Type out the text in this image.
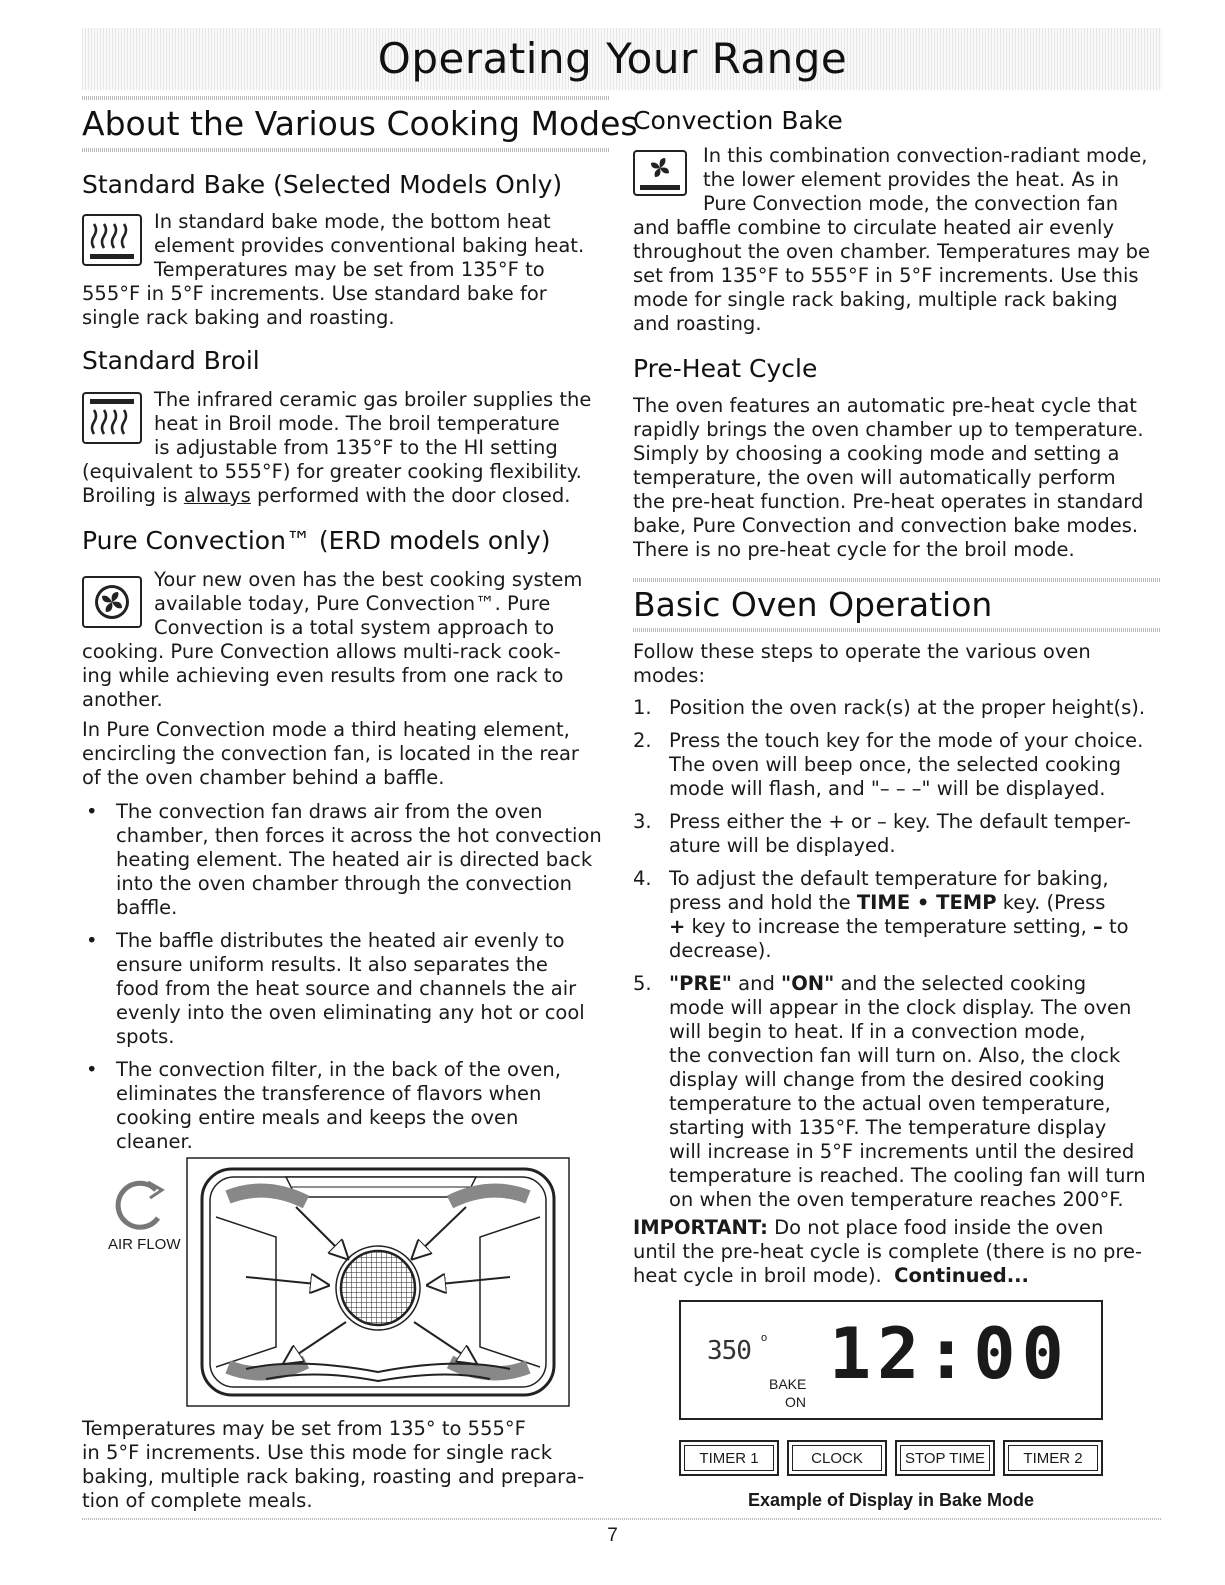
Operating Your Range
About the Various Cooking Modes
Standard Bake (Selected Models Only)

In standard bake mode, the bottom heat

element provides conventional baking heat.

Temperatures may be set from 135°F to

555°F in 5°F increments. Use standard bake for

single rack baking and roasting.

Standard Broil

The infrared ceramic gas broiler supplies the

heat in Broil mode. The broil temperature

is adjustable from 135°F to the HI setting

(equivalent to 555°F) for greater cooking flexibility.

Broiling is always performed with the door closed.

Pure Convection™ (ERD models only)

Your new oven has the best cooking system

available today, Pure Convection™. Pure

Convection is a total system approach to

cooking. Pure Convection allows multi-rack cook-

ing while achieving even results from one rack to

another.

In Pure Convection mode a third heating element,

encircling the convection fan, is located in the rear

of the oven chamber behind a baffle.

• The convection fan draws air from the oven
chamber, then forces it across the hot convection
heating element. The heated air is directed back
into the oven chamber through the convection
baffle.
• The baffle distributes the heated air evenly to
ensure uniform results. It also separates the
food from the heat source and channels the air
evenly into the oven eliminating any hot or cool
spots.
• The convection filter, in the back of the oven,
eliminates the transference of flavors when
cooking entire meals and keeps the oven
cleaner.
AIR FLOW

Temperatures may be set from 135° to 555°F

in 5°F increments. Use this mode for single rack

baking, multiple rack baking, roasting and prepara-

tion of complete meals.

Convection Bake

In this combination convection-radiant mode,

the lower element provides the heat. As in

Pure Convection mode, the convection fan

and baffle combine to circulate heated air evenly

throughout the oven chamber. Temperatures may be

set from 135°F to 555°F in 5°F increments. Use this

mode for single rack baking, multiple rack baking

and roasting.

Pre-Heat Cycle

The oven features an automatic pre-heat cycle that

rapidly brings the oven chamber up to temperature.

Simply by choosing a cooking mode and setting a

temperature, the oven will automatically perform

the pre-heat function. Pre-heat operates in standard

bake, Pure Convection and convection bake modes.

There is no pre-heat cycle for the broil mode.

Basic Oven Operation

Follow these steps to operate the various oven

modes:

1. Position the oven rack(s) at the proper height(s).
2. Press the touch key for the mode of your choice.
The oven will beep once, the selected cooking
mode will flash, and "– – –" will be displayed.
3. Press either the + or – key. The default temper-
ature will be displayed.
4. To adjust the default temperature for baking,
press and hold the TIME • TEMP key. (Press
+ key to increase the temperature setting, – to
decrease).
5. "PRE" and "ON" and the selected cooking
mode will appear in the clock display. The oven
will begin to heat. If in a convection mode,
the convection fan will turn on. Also, the clock
display will change from the desired cooking
temperature to the actual oven temperature,
starting with 135°F. The temperature display
will increase in 5°F increments until the desired
temperature is reached. The cooling fan will turn
on when the oven temperature reaches 200°F.

IMPORTANT: Do not place food inside the oven

until the pre-heat cycle is complete (there is no pre-

heat cycle in broil mode). Continued...

350 o
BAKE
ON
12:00
TIMER 1	CLOCK	STOP TIME	TIMER 2
Example of Display in Bake Mode
7
